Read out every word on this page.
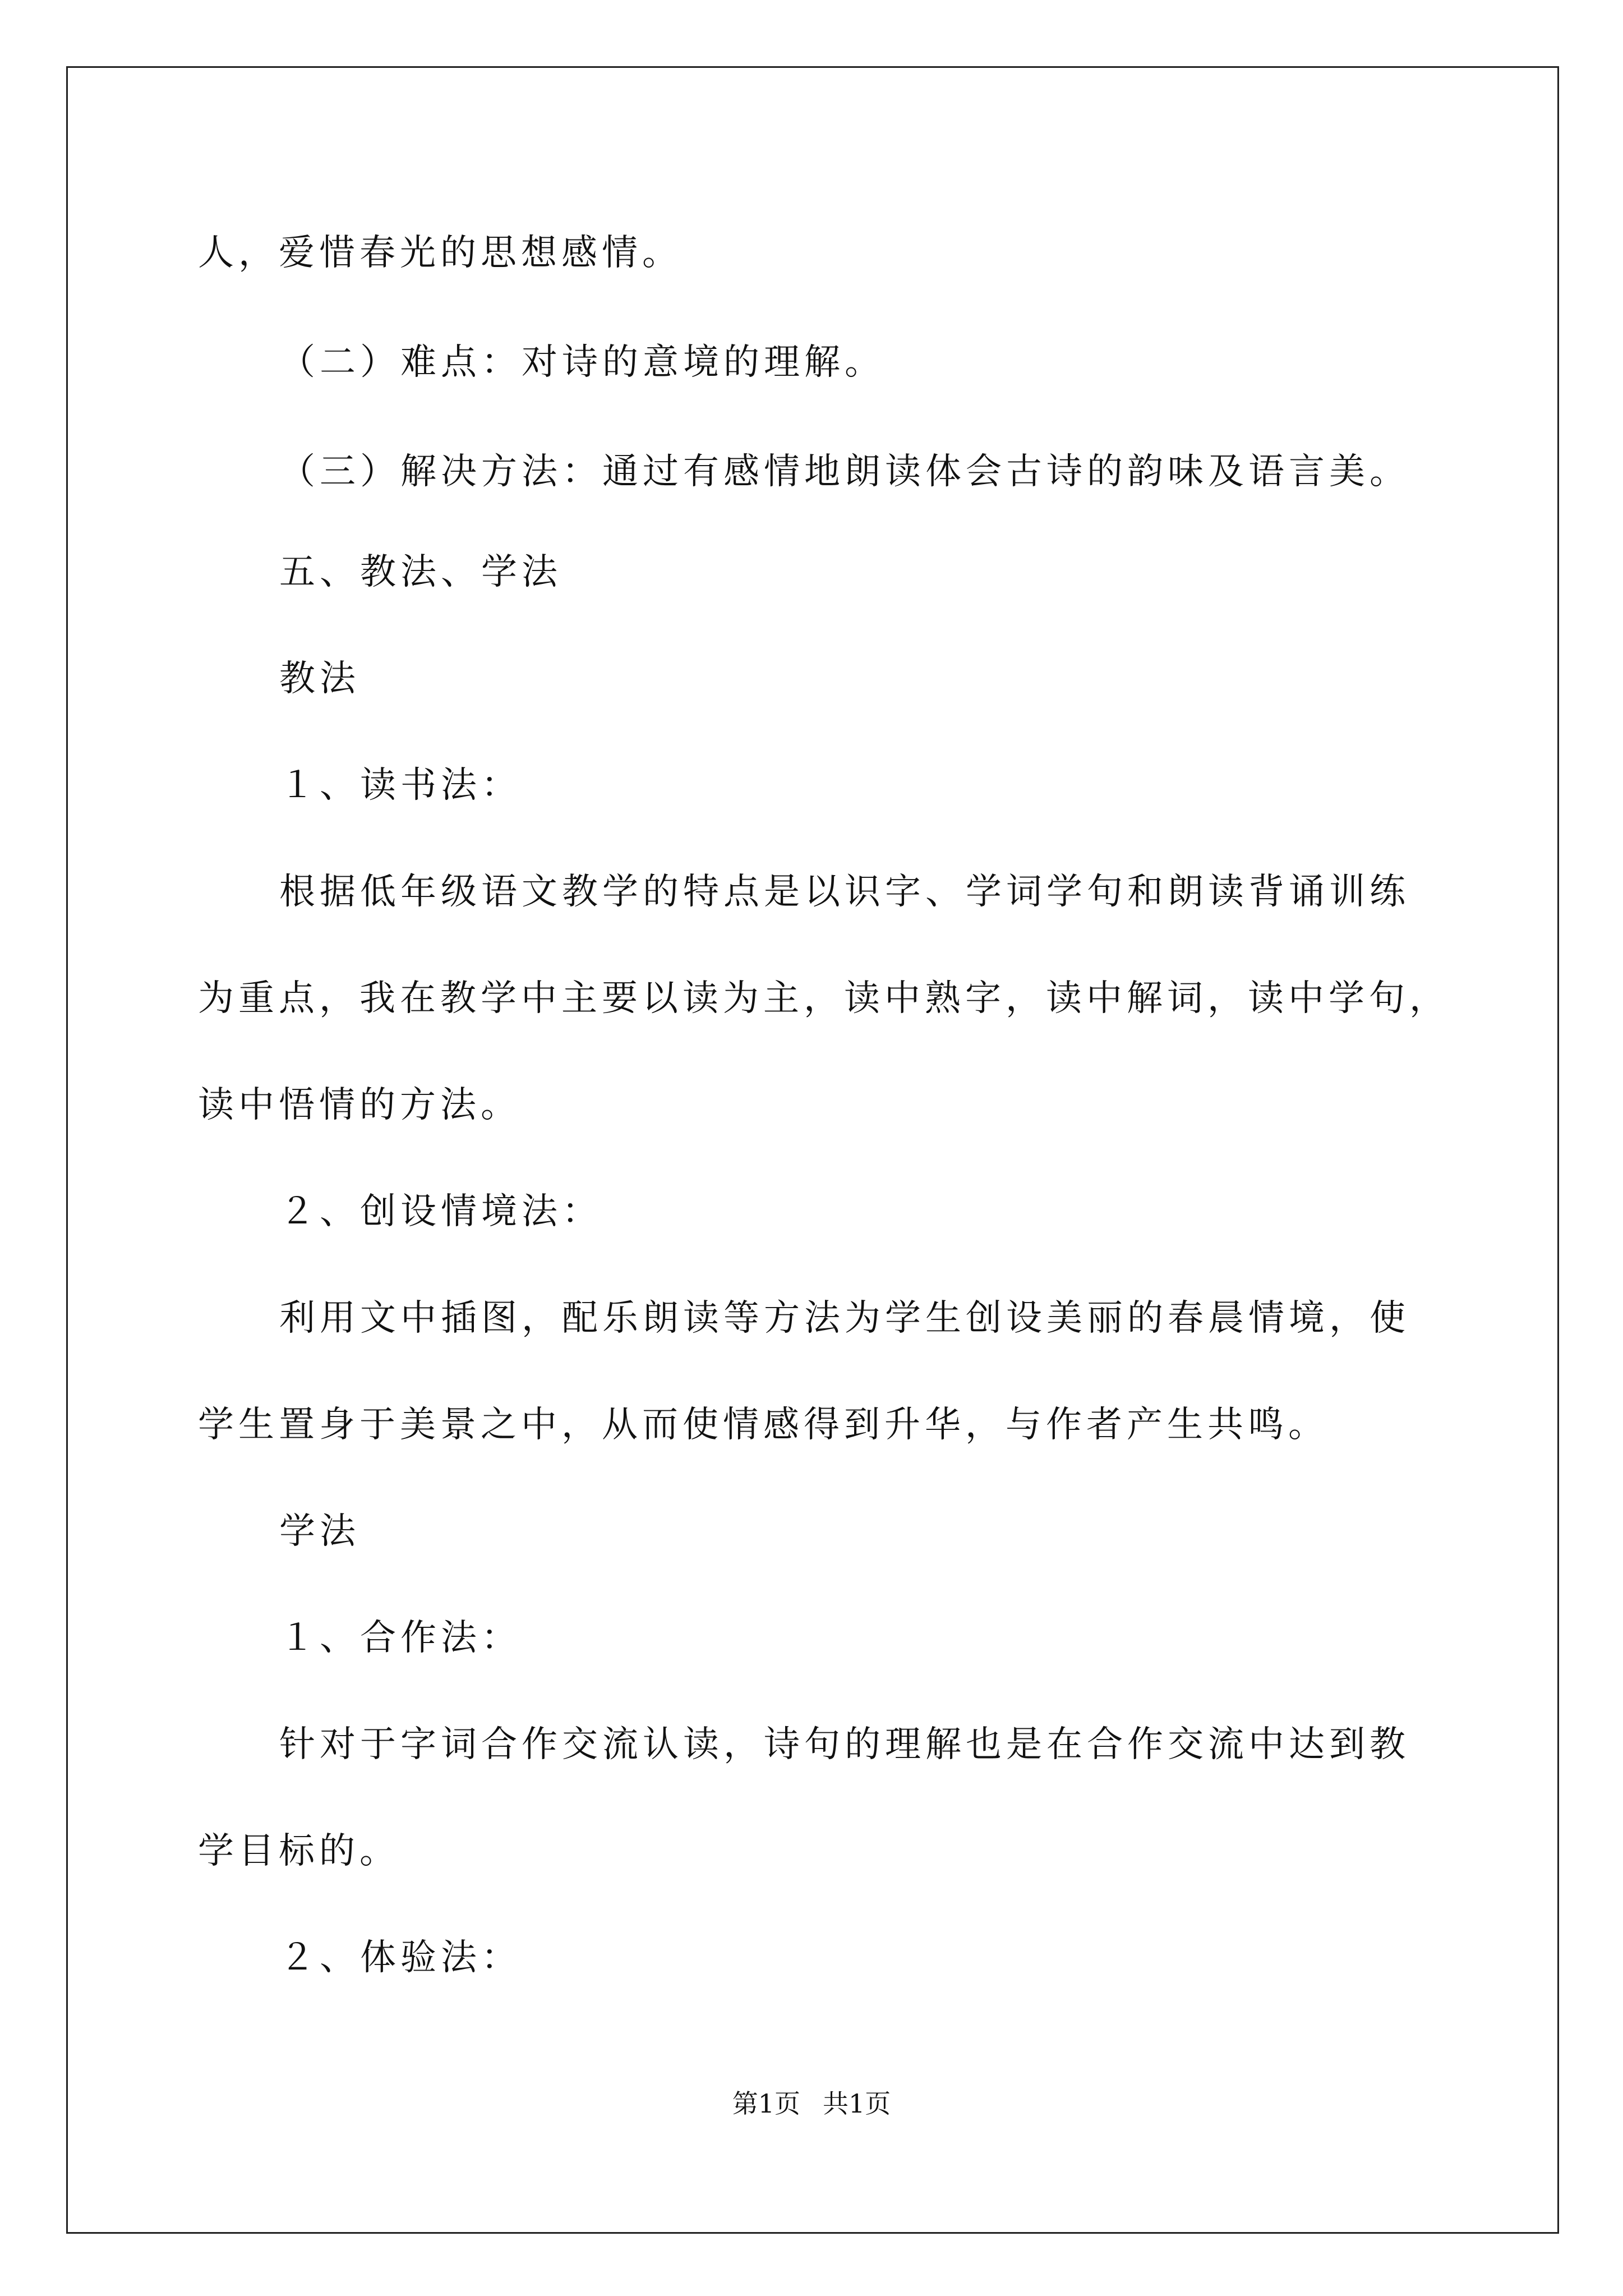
人，爱惜春光的思想感情。
（二）难点：对诗的意境的理解。
（三）解决方法：通过有感情地朗读体会古诗的韵味及语言美。
五、教法、学法
教法
１、读书法：
根据低年级语文教学的特点是以识字、学词学句和朗读背诵训练
为重点，我在教学中主要以读为主，读中熟字，读中解词，读中学句，
读中悟情的方法。
２、创设情境法：
利用文中插图，配乐朗读等方法为学生创设美丽的春晨情境，使
学生置身于美景之中，从而使情感得到升华，与作者产生共鸣。
学法
１、合作法：
针对于字词合作交流认读，诗句的理解也是在合作交流中达到教
学目标的。
２、体验法：
第1页 共1页
